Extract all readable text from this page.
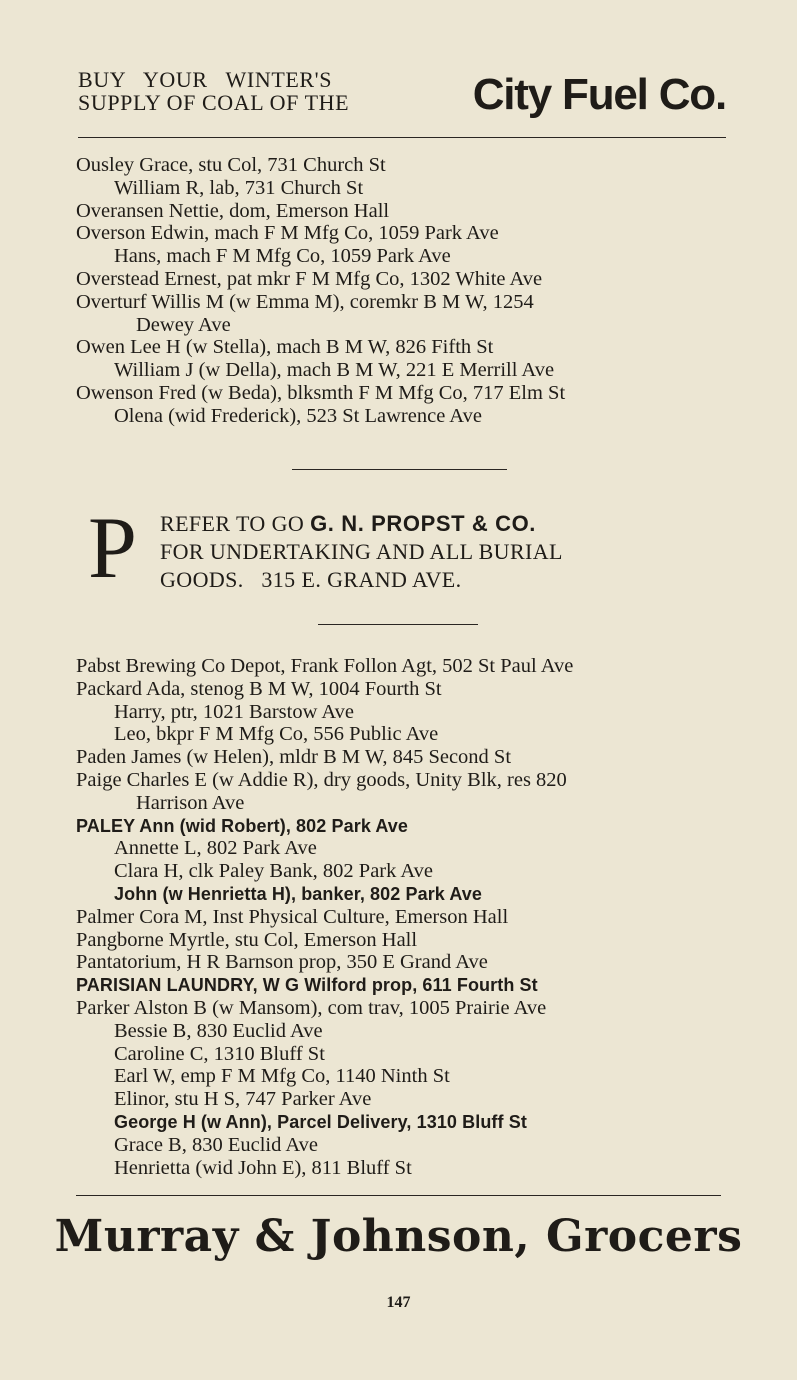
BUY   YOUR   WINTER'S
SUPPLY OF COAL OF THE	City Fuel Co.
Ousley Grace, stu Col, 731 Church St
William R, lab, 731 Church St
Overansen Nettie, dom, Emerson Hall
Overson Edwin, mach F M Mfg Co, 1059 Park Ave
Hans, mach F M Mfg Co, 1059 Park Ave
Overstead Ernest, pat mkr F M Mfg Co, 1302 White Ave
Overturf Willis M (w Emma M), coremkr B M W, 1254
Dewey Ave
Owen Lee H (w Stella), mach B M W, 826 Fifth St
William J (w Della), mach B M W, 221 E Merrill Ave
Owenson Fred (w Beda), blksmth F M Mfg Co, 717 Elm St
Olena (wid Frederick), 523 St Lawrence Ave
P REFER TO GO G. N. PROPST & CO.
FOR UNDERTAKING AND ALL BURIAL
GOODS.   315 E. GRAND AVE.
Pabst Brewing Co Depot, Frank Follon Agt, 502 St Paul Ave
Packard Ada, stenog B M W, 1004 Fourth St
Harry, ptr, 1021 Barstow Ave
Leo, bkpr F M Mfg Co, 556 Public Ave
Paden James (w Helen), mldr B M W, 845 Second St
Paige Charles E (w Addie R), dry goods, Unity Blk, res 820
Harrison Ave
PALEY Ann (wid Robert), 802 Park Ave
Annette L, 802 Park Ave
Clara H, clk Paley Bank, 802 Park Ave
John (w Henrietta H), banker, 802 Park Ave
Palmer Cora M, Inst Physical Culture, Emerson Hall
Pangborne Myrtle, stu Col, Emerson Hall
Pantatorium, H R Barnson prop, 350 E Grand Ave
PARISIAN LAUNDRY, W G Wilford prop, 611 Fourth St
Parker Alston B (w Mansom), com trav, 1005 Prairie Ave
Bessie B, 830 Euclid Ave
Caroline C, 1310 Bluff St
Earl W, emp F M Mfg Co, 1140 Ninth St
Elinor, stu H S, 747 Parker Ave
George H (w Ann), Parcel Delivery, 1310 Bluff St
Grace B, 830 Euclid Ave
Henrietta (wid John E), 811 Bluff St
Murray & Johnson, Grocers
147
